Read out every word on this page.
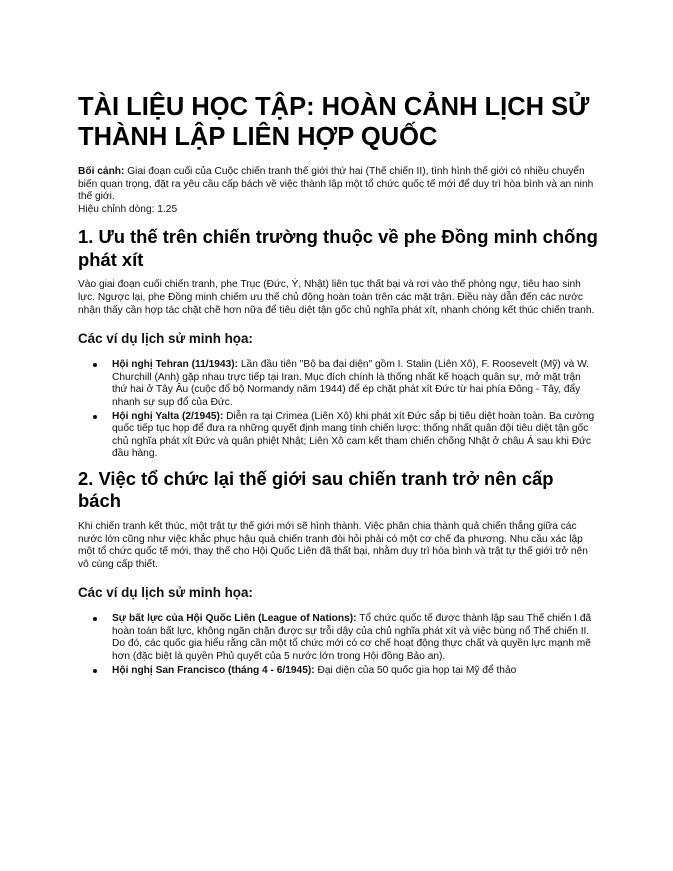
TÀI LIỆU HỌC TẬP: HOÀN CẢNH LỊCH SỬ THÀNH LẬP LIÊN HỢP QUỐC

Bối cảnh: Giai đoạn cuối của Cuộc chiến tranh thế giới thứ hai (Thế chiến II), tình hình thế giới có nhiều chuyển biến quan trọng, đặt ra yêu cầu cấp bách về việc thành lập một tổ chức quốc tế mới để duy trì hòa bình và an ninh thế giới.

Hiệu chỉnh dòng: 1.25

1. Ưu thế trên chiến trường thuộc về phe Đồng minh chống phát xít

Vào giai đoạn cuối chiến tranh, phe Trục (Đức, Ý, Nhật) liên tục thất bại và rơi vào thế phòng ngự, tiêu hao sinh lực. Ngược lại, phe Đồng minh chiếm ưu thế chủ động hoàn toàn trên các mặt trận. Điều này dẫn đến các nước nhận thấy cần hợp tác chặt chẽ hơn nữa để tiêu diệt tận gốc chủ nghĩa phát xít, nhanh chóng kết thúc chiến tranh.

Các ví dụ lịch sử minh họa:
Hội nghị Tehran (11/1943): Lần đầu tiên "Bộ ba đại diện" gồm I. Stalin (Liên Xô), F. Roosevelt (Mỹ) và W. Churchill (Anh) gặp nhau trực tiếp tại Iran. Mục đích chính là thống nhất kế hoạch quân sự, mở mặt trận thứ hai ở Tây Âu (cuộc đổ bộ Normandy năm 1944) để ép chặt phát xít Đức từ hai phía Đông - Tây, đẩy nhanh sự sụp đổ của Đức.
Hội nghị Yalta (2/1945): Diễn ra tại Crimea (Liên Xô) khi phát xít Đức sắp bị tiêu diệt hoàn toàn. Ba cường quốc tiếp tục họp để đưa ra những quyết định mang tính chiến lược: thống nhất quân đội tiêu diệt tận gốc chủ nghĩa phát xít Đức và quân phiệt Nhật; Liên Xô cam kết tham chiến chống Nhật ở châu Á sau khi Đức đầu hàng.
2. Việc tổ chức lại thế giới sau chiến tranh trở nên cấp bách

Khi chiến tranh kết thúc, một trật tự thế giới mới sẽ hình thành. Việc phân chia thành quả chiến thắng giữa các nước lớn cũng như việc khắc phục hậu quả chiến tranh đòi hỏi phải có một cơ chế đa phương. Nhu cầu xác lập một tổ chức quốc tế mới, thay thế cho Hội Quốc Liên đã thất bại, nhằm duy trì hòa bình và trật tự thế giới trở nên vô cùng cấp thiết.

Các ví dụ lịch sử minh họa:
Sự bất lực của Hội Quốc Liên (League of Nations): Tổ chức quốc tế được thành lập sau Thế chiến I đã hoàn toàn bất lực, không ngăn chặn được sự trỗi dậy của chủ nghĩa phát xít và việc bùng nổ Thế chiến II. Do đó, các quốc gia hiểu rằng cần một tổ chức mới có cơ chế hoạt động thực chất và quyền lực mạnh mẽ hơn (đặc biệt là quyền Phủ quyết của 5 nước lớn trong Hội đồng Bảo an).
Hội nghị San Francisco (tháng 4 - 6/1945): Đại diện của 50 quốc gia họp tại Mỹ để thảo
